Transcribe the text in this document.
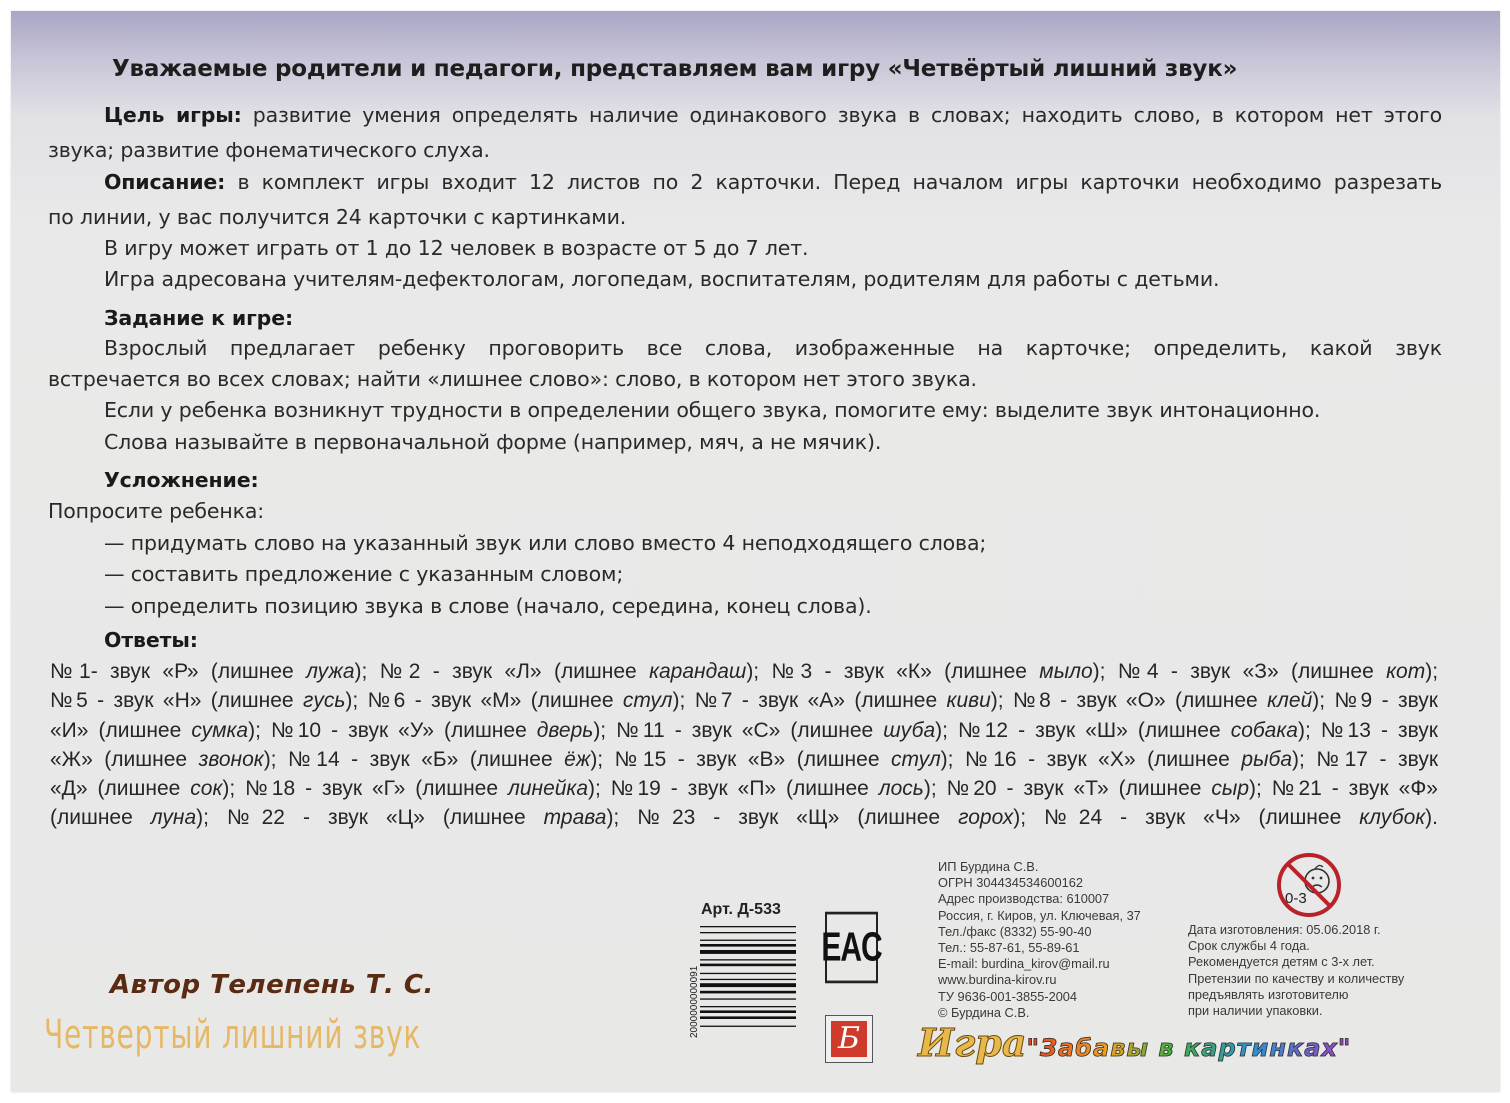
Уважаемые родители и педагоги, представляем вам игру «Четвёртый лишний звук»
Цель игры: развитие умения определять наличие одинакового звука в словах; находить слово, в котором нет этого
звука; развитие фонематического слуха.
Описание: в комплект игры входит 12 листов по 2 карточки. Перед началом игры карточки необходимо разрезать
по линии, у вас получится 24 карточки с картинками.
В игру может играть от 1 до 12 человек в возрасте от 5 до 7 лет.
Игра адресована учителям-дефектологам, логопедам, воспитателям, родителям для работы с детьми.
Задание к игре:
Взрослый предлагает ребенку проговорить все слова, изображенные на карточке; определить, какой звук
встречается во всех словах; найти «лишнее слово»: слово, в котором нет этого звука.
Если у ребенка возникнут трудности в определении общего звука, помогите ему: выделите звук интонационно.
Слова называйте в первоначальной форме (например, мяч, а не мячик).
Усложнение:
Попросите ребенка:
— придумать слово на указанный звук или слово вместо 4 неподходящего слова;
— составить предложение с указанным словом;
— определить позицию звука в слове (начало, середина, конец слова).
Ответы:
№1- звук «Р» (лишнее лужа); №2 - звук «Л» (лишнее карандаш); №3 - звук «К» (лишнее мыло); №4 - звук «З» (лишнее кот);
№5 - звук «Н» (лишнее гусь); №6 - звук «М» (лишнее стул); №7 - звук «А» (лишнее киви); №8 - звук «О» (лишнее клей); №9 - звук
«И» (лишнее сумка); №10 - звук «У» (лишнее дверь); №11 - звук «С» (лишнее шуба); №12 - звук «Ш» (лишнее собака); №13 - звук
«Ж» (лишнее звонок); №14 - звук «Б» (лишнее ёж); №15 - звук «В» (лишнее стул); №16 - звук «Х» (лишнее рыба); №17 - звук
«Д» (лишнее сок); №18 - звук «Г» (лишнее линейка); №19 - звук «П» (лишнее лось); №20 - звук «Т» (лишнее сыр); №21 - звук «Ф»
(лишнее луна); №22 - звук «Ц» (лишнее трава); №23 - звук «Щ» (лишнее горох); №24 - звук «Ч» (лишнее клубок).
Арт. Д-533
2000000000091
EAC
Б
ИП Бурдина С.В.
ОГРН 304434534600162
Адрес производства: 610007
Россия, г. Киров, ул. Ключевая, 37
Тел./факс (8332) 55-90-40
Тел.: 55-87-61, 55-89-61
E-mail: burdina_kirov@mail.ru
www.burdina-kirov.ru
ТУ 9636-001-3855-2004
© Бурдина С.В.
0-3
Дата изготовления: 05.06.2018 г.
Срок службы 4 года.
Рекомендуется детям с 3-х лет.
Претензии по качеству и количеству
предъявлять изготовителю
при наличии упаковки.
Автор Телепень Т. С.
Четвертый лишний звук	Игра"Забавы в картинках"
